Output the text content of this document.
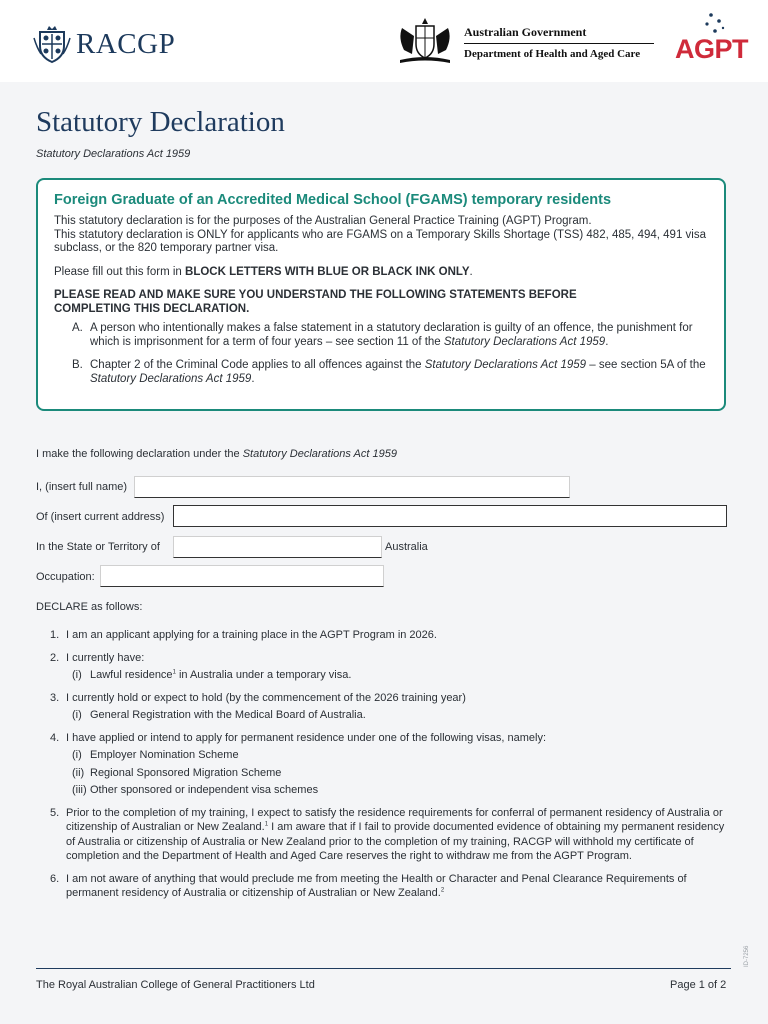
RACGP	Australian Government
Department of Health and Aged Care	AGPT
Statutory Declaration
Statutory Declarations Act 1959
Foreign Graduate of an Accredited Medical School (FGAMS) temporary residents

This statutory declaration is for the purposes of the Australian General Practice Training (AGPT) Program.

This statutory declaration is ONLY for applicants who are FGAMS on a Temporary Skills Shortage (TSS) 482, 485, 494, 491 visa subclass, or the 820 temporary partner visa.

Please fill out this form in BLOCK LETTERS WITH BLUE OR BLACK INK ONLY.

PLEASE READ AND MAKE SURE YOU UNDERSTAND THE FOLLOWING STATEMENTS BEFORE COMPLETING THIS DECLARATION.

A. A person who intentionally makes a false statement in a statutory declaration is guilty of an offence, the punishment for which is imprisonment for a term of four years – see section 11 of the Statutory Declarations Act 1959.
B. Chapter 2 of the Criminal Code applies to all offences against the Statutory Declarations Act 1959 – see section 5A of the Statutory Declarations Act 1959.
I make the following declaration under the Statutory Declarations Act 1959
I, (insert full name)
Of (insert current address)
In the State or Territory of	Australia
Occupation:
DECLARE as follows:
1. I am an applicant applying for a training place in the AGPT Program in 2026.
2. I currently have:
(i) Lawful residence$^1$ in Australia under a temporary visa.
3. I currently hold or expect to hold (by the commencement of the 2026 training year)
(i) General Registration with the Medical Board of Australia.
4. I have applied or intend to apply for permanent residence under one of the following visas, namely:
(i) Employer Nomination Scheme
(ii) Regional Sponsored Migration Scheme
(iii) Other sponsored or independent visa schemes
5. Prior to the completion of my training, I expect to satisfy the residence requirements for conferral of permanent residency of Australia or citizenship of Australian or New Zealand.$^1$ I am aware that if I fail to provide documented evidence of obtaining my permanent residency of Australia or citizenship of Australia or New Zealand prior to the completion of my training, RACGP will withhold my certificate of completion and the Department of Health and Aged Care reserves the right to withdraw me from the AGPT Program.
6. I am not aware of anything that would preclude me from meeting the Health or Character and Penal Clearance Requirements of permanent residency of Australia or citizenship of Australian or New Zealand.$^2$
The Royal Australian College of General Practitioners Ltd	Page 1 of 2
ID-7256
